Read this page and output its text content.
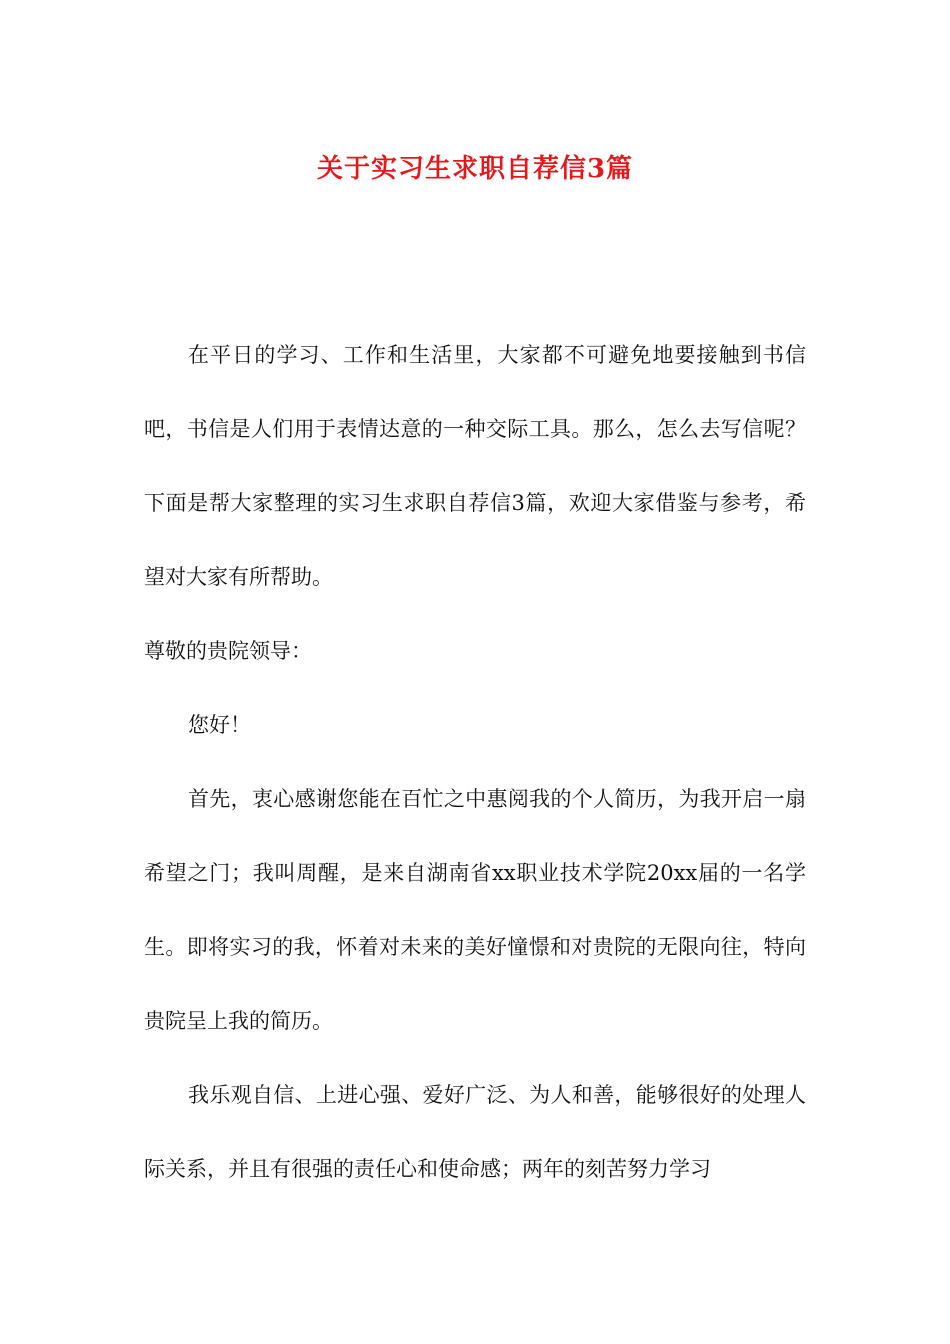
关于实习生求职自荐信3篇

在平日的学习、工作和生活里，大家都不可避免地要接触到书信吧，书信是人们用于表情达意的一种交际工具。那么，怎么去写信呢？下面是帮大家整理的实习生求职自荐信3篇，欢迎大家借鉴与参考，希望对大家有所帮助。

尊敬的贵院领导：

您好！

首先，衷心感谢您能在百忙之中惠阅我的个人简历，为我开启一扇希望之门；我叫周醒，是来自湖南省xx职业技术学院20xx届的一名学生。即将实习的我，怀着对未来的美好憧憬和对贵院的无限向往，特向贵院呈上我的简历。

我乐观自信、上进心强、爱好广泛、为人和善，能够很好的处理人际关系，并且有很强的责任心和使命感；两年的刻苦努力学习
